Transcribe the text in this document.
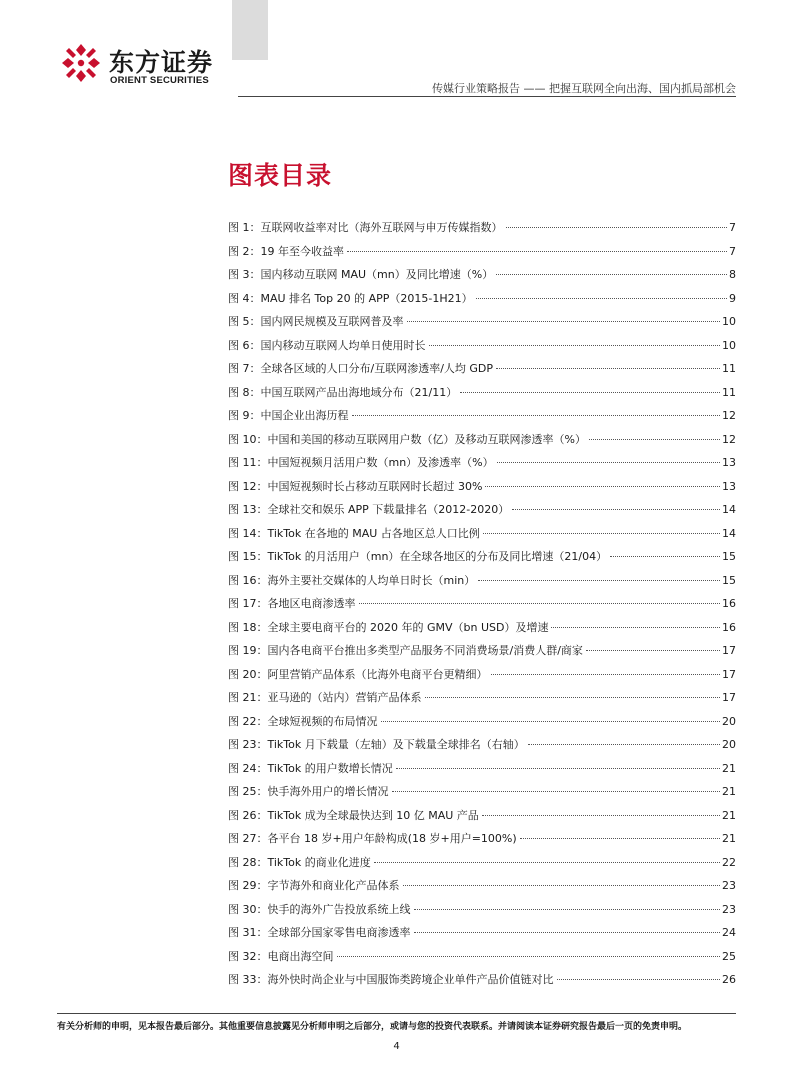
东方证券
ORIENT SECURITIES
传媒行业策略报告 —— 把握互联网全向出海、国内抓局部机会
图表目录
图 1：互联网收益率对比（海外互联网与申万传媒指数）	7
图 2：19 年至今收益率	7
图 3：国内移动互联网 MAU（mn）及同比增速（%）	8
图 4：MAU 排名 Top 20 的 APP（2015-1H21）	9
图 5：国内网民规模及互联网普及率	10
图 6：国内移动互联网人均单日使用时长	10
图 7：全球各区域的人口分布/互联网渗透率/人均 GDP	11
图 8：中国互联网产品出海地域分布（21/11）	11
图 9：中国企业出海历程	12
图 10：中国和美国的移动互联网用户数（亿）及移动互联网渗透率（%）	12
图 11：中国短视频月活用户数（mn）及渗透率（%）	13
图 12：中国短视频时长占移动互联网时长超过 30%	13
图 13：全球社交和娱乐 APP 下载量排名（2012-2020）	14
图 14：TikTok 在各地的 MAU 占各地区总人口比例	14
图 15：TikTok 的月活用户（mn）在全球各地区的分布及同比增速（21/04）	15
图 16：海外主要社交媒体的人均单日时长（min）	15
图 17：各地区电商渗透率	16
图 18：全球主要电商平台的 2020 年的 GMV（bn USD）及增速	16
图 19：国内各电商平台推出多类型产品服务不同消费场景/消费人群/商家	17
图 20：阿里营销产品体系（比海外电商平台更精细）	17
图 21：亚马逊的（站内）营销产品体系	17
图 22：全球短视频的布局情况	20
图 23：TikTok 月下载量（左轴）及下载量全球排名（右轴）	20
图 24：TikTok 的用户数增长情况	21
图 25：快手海外用户的增长情况	21
图 26：TikTok 成为全球最快达到 10 亿 MAU 产品	21
图 27：各平台 18 岁+用户年龄构成(18 岁+用户=100%)	21
图 28：TikTok 的商业化进度	22
图 29：字节海外和商业化产品体系	23
图 30：快手的海外广告投放系统上线	23
图 31：全球部分国家零售电商渗透率	24
图 32：电商出海空间	25
图 33：海外快时尚企业与中国服饰类跨境企业单件产品价值链对比	26
有关分析师的申明，见本报告最后部分。其他重要信息披露见分析师申明之后部分，或请与您的投资代表联系。并请阅读本证券研究报告最后一页的免责申明。
4
